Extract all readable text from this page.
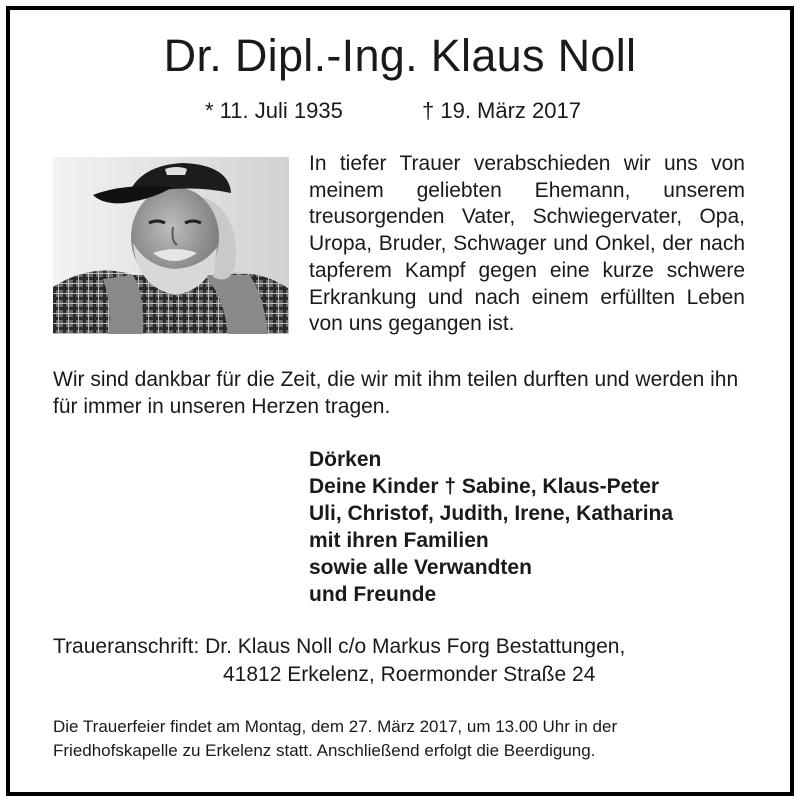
Dr. Dipl.-Ing. Klaus Noll
* 11. Juli 1935	† 19. März 2017
In tiefer Trauer verabschieden wir uns von meinem geliebten Ehemann, unserem treusorgenden Vater, Schwiegervater, Opa, Uropa, Bruder, Schwager und Onkel, der nach tapferem Kampf gegen eine kurze schwere Erkrankung und nach einem erfüllten Leben von uns gegangen ist.
Wir sind dankbar für die Zeit, die wir mit ihm teilen durften und werden ihn für immer in unseren Herzen tragen.
Dörken
Deine Kinder † Sabine, Klaus-Peter
Uli, Christof, Judith, Irene, Katharina
mit ihren Familien
sowie alle Verwandten
und Freunde
Traueranschrift: Dr. Klaus Noll c/o Markus Forg Bestattungen,
41812 Erkelenz, Roermonder Straße 24
Die Trauerfeier findet am Montag, dem 27. März 2017, um 13.00 Uhr in der
Friedhofskapelle zu Erkelenz statt. Anschließend erfolgt die Beerdigung.
